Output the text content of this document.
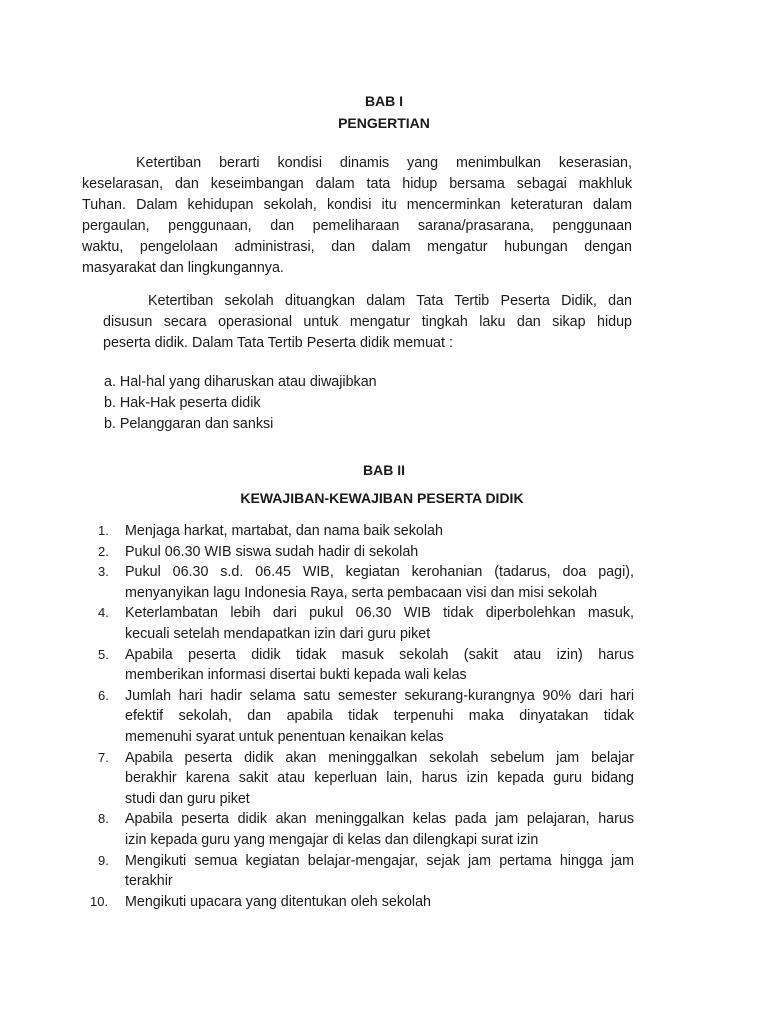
BAB I
PENGERTIAN
Ketertiban berarti kondisi dinamis yang menimbulkan keserasian,
keselarasan, dan keseimbangan dalam tata hidup bersama sebagai makhluk
Tuhan. Dalam kehidupan sekolah, kondisi itu mencerminkan keteraturan dalam
pergaulan, penggunaan, dan pemeliharaan sarana/prasarana, penggunaan
waktu, pengelolaan administrasi, dan dalam mengatur hubungan dengan
masyarakat dan lingkungannya.
Ketertiban sekolah dituangkan dalam Tata Tertib Peserta Didik, dan
disusun secara operasional untuk mengatur tingkah laku dan sikap hidup
peserta didik. Dalam Tata Tertib Peserta didik memuat :
a. Hal-hal yang diharuskan atau diwajibkan
b. Hak-Hak peserta didik
b. Pelanggaran dan sanksi
BAB II
KEWAJIBAN-KEWAJIBAN PESERTA DIDIK
1.	Menjaga harkat, martabat, dan nama baik sekolah
2.	Pukul 06.30 WIB siswa sudah hadir di sekolah
3.	Pukul 06.30 s.d. 06.45 WIB, kegiatan kerohanian (tadarus, doa pagi),
menyanyikan lagu Indonesia Raya, serta pembacaan visi dan misi sekolah
4.	Keterlambatan lebih dari pukul 06.30 WIB tidak diperbolehkan masuk,
kecuali setelah mendapatkan izin dari guru piket
5.	Apabila peserta didik tidak masuk sekolah (sakit atau izin) harus
memberikan informasi disertai bukti kepada wali kelas
6.	Jumlah hari hadir selama satu semester sekurang-kurangnya 90% dari hari
efektif sekolah, dan apabila tidak terpenuhi maka dinyatakan tidak
memenuhi syarat untuk penentuan kenaikan kelas
7.	Apabila peserta didik akan meninggalkan sekolah sebelum jam belajar
berakhir karena sakit atau keperluan lain, harus izin kepada guru bidang
studi dan guru piket
8.	Apabila peserta didik akan meninggalkan kelas pada jam pelajaran, harus
izin kepada guru yang mengajar di kelas dan dilengkapi surat izin
9.	Mengikuti semua kegiatan belajar-mengajar, sejak jam pertama hingga jam
terakhir
10.	Mengikuti upacara yang ditentukan oleh sekolah
